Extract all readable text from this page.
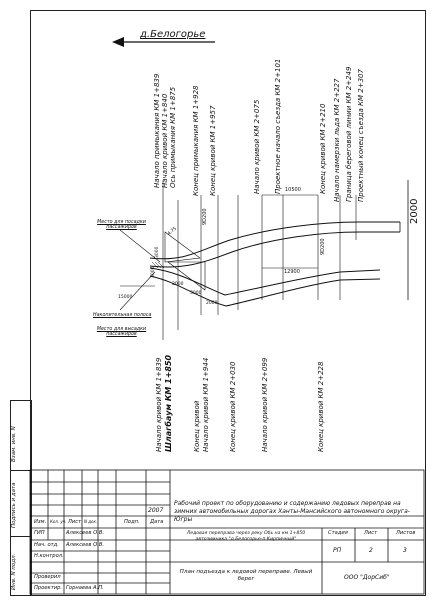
Взам. инв. N
Подпись и дата
Инв. N подл.
д.Белогорье
Место для посадки пассажиров
Накопительная полоса
Место для высадки пассажиров
10500
9D200
12900
9D200
2000
15000
3000
2000
2000
3000
3000
4.75
Начало примыкания КМ 1+839 Начало кривой КМ 1+840 Ось примыкания КМ 1+875 Конец примыкания КМ 1+928 Конец кривой КМ 1+957	Начало кривой КМ 2+075 Проектное начало съезда КМ 2+101	Конец кривой КМ 2+210 Начало намерзки льда КМ 2+227 Граница береговой линии КМ 2+249 Проектный конец съезда КМ 2+307
Начало кривой КМ 1+839 Шлагбаум КМ 1+850	Конец кривой Начало кривой КМ 1+944	Конец кривой КМ 2+030	Начало кривой КМ 2+099	Конец кривой КМ 2+228
2007
Рабочий проект по оборудованию и содержанию ледовых переправ на зимних автомобильных дорогах Ханты-Мансийского автономного округа-Югры
Изм. Кол. уч. Лист N док.	Подп. Дата
ГИП	Алексеев О.В.
Нач. отд. Алексеев О.В.
Н.контрол.
Проверил
Проектир. Горнаева А.П.
Ледовая переправа через реку Обь на км 1+850 автозимника "д.Белогорье-п.Кирпичный"
Стадия	Лист	Листов
РП	2	3
План подъезда к ледовой переправе. Левый берег	ООО "ДорСиб"
